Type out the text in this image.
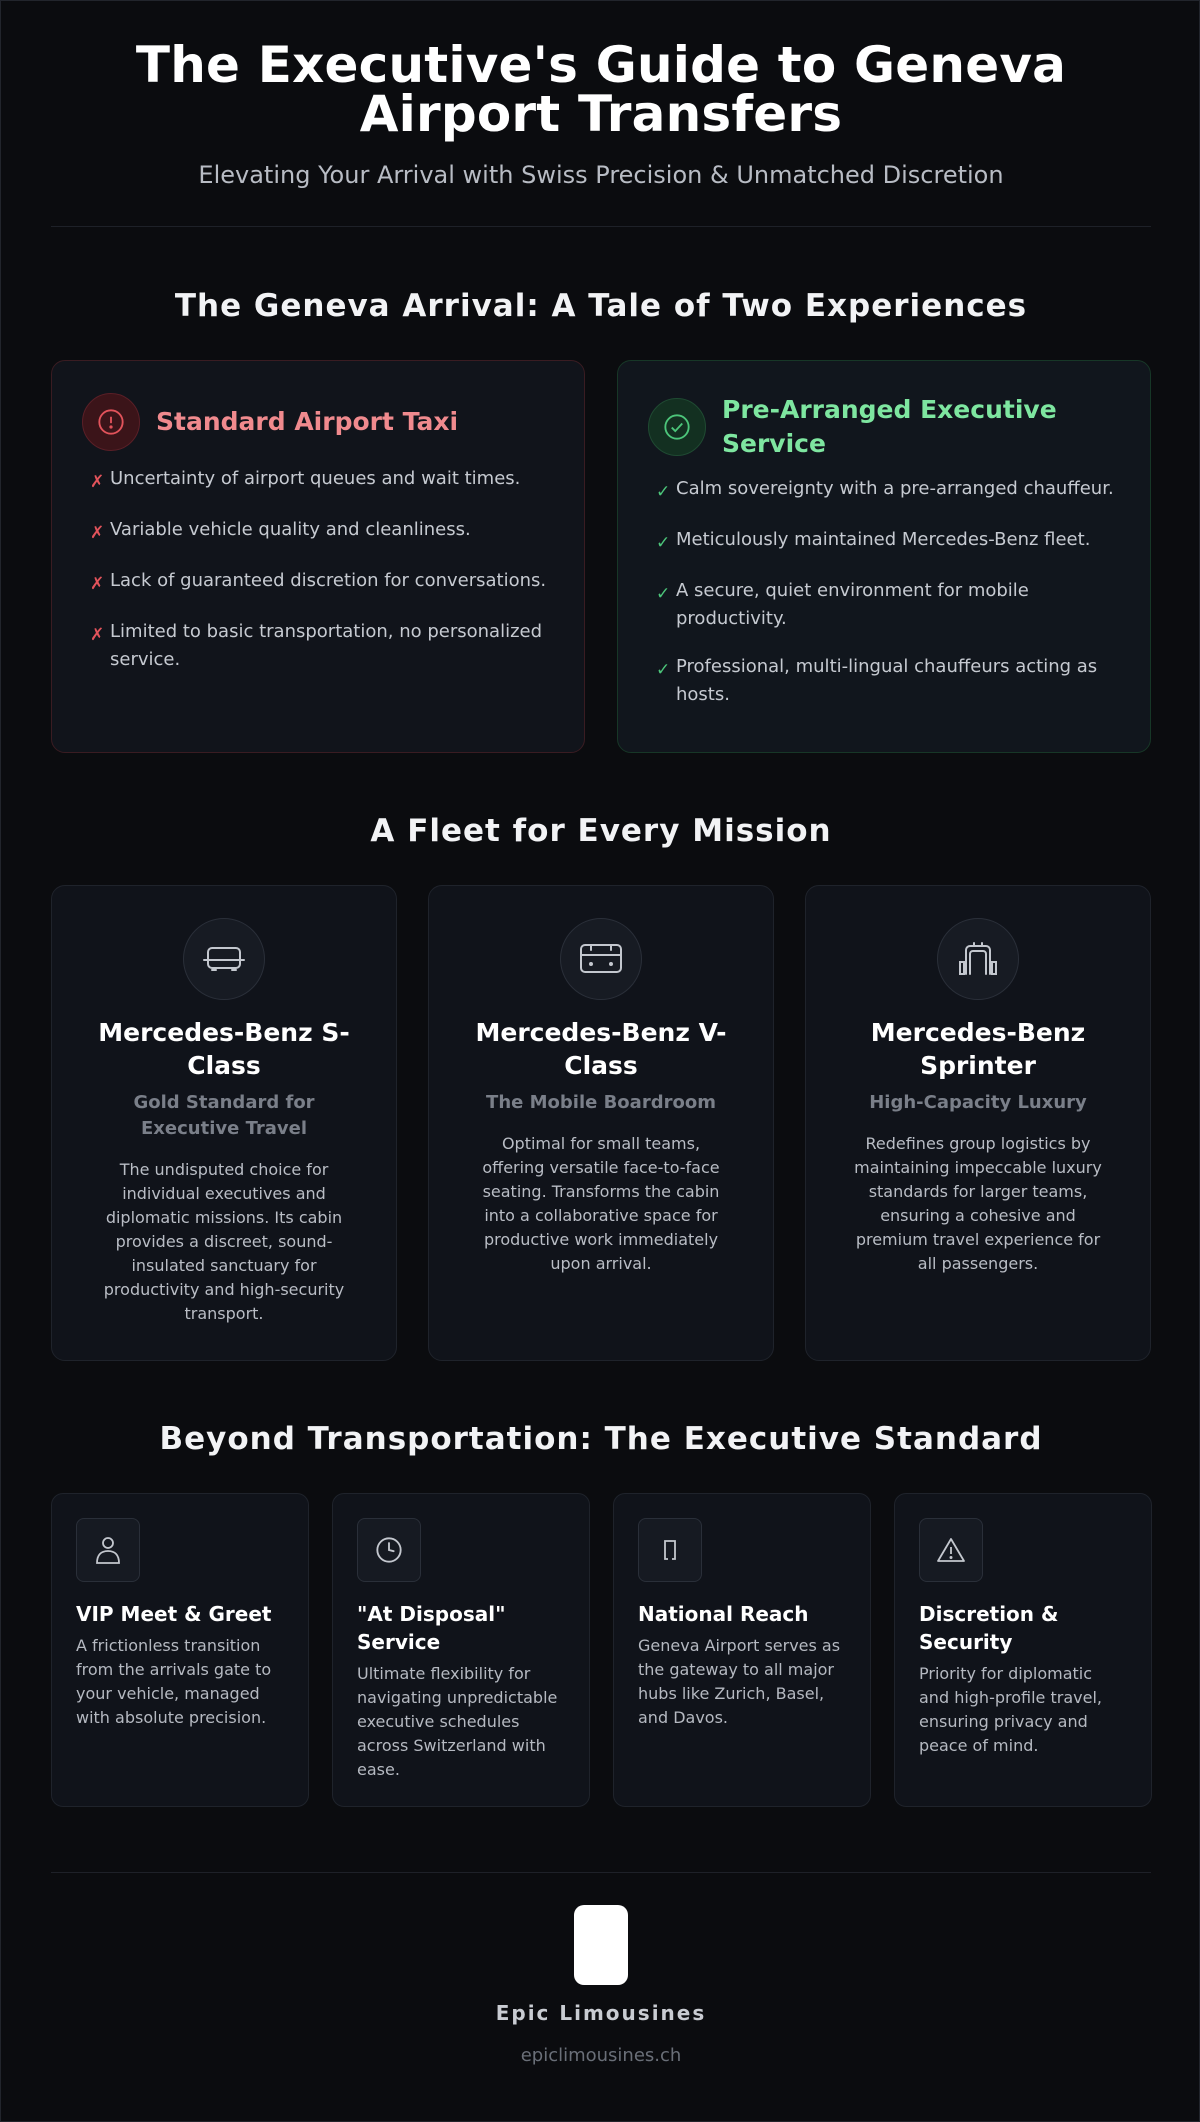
The Executive's Guide to Geneva Airport Transfers

Elevating Your Arrival with Swiss Precision & Unmatched Discretion

The Geneva Arrival: A Tale of Two Experiences
Standard Airport Taxi
✗ Uncertainty of airport queues and wait times.
✗ Variable vehicle quality and cleanliness.
✗ Lack of guaranteed discretion for conversations.
✗ Limited to basic transportation, no personalized service.
Pre-Arranged Executive Service
✓ Calm sovereignty with a pre-arranged chauffeur.
✓ Meticulously maintained Mercedes-Benz fleet.
✓ A secure, quiet environment for mobile productivity.
✓ Professional, multi-lingual chauffeurs acting as hosts.
A Fleet for Every Mission
Mercedes-Benz S-Class
Gold Standard for Executive Travel
The undisputed choice for individual executives and diplomatic missions. Its cabin provides a discreet, sound-insulated sanctuary for productivity and high-security transport.
Mercedes-Benz V-Class
The Mobile Boardroom
Optimal for small teams, offering versatile face-to-face seating. Transforms the cabin into a collaborative space for productive work immediately upon arrival.
Mercedes-Benz Sprinter
High-Capacity Luxury
Redefines group logistics by maintaining impeccable luxury standards for larger teams, ensuring a cohesive and premium travel experience for all passengers.
Beyond Transportation: The Executive Standard
VIP Meet & Greet
A frictionless transition from the arrivals gate to your vehicle, managed with absolute precision.
"At Disposal" Service
Ultimate flexibility for navigating unpredictable executive schedules across Switzerland with ease.
National Reach
Geneva Airport serves as the gateway to all major hubs like Zurich, Basel, and Davos.
Discretion & Security
Priority for diplomatic and high-profile travel, ensuring privacy and peace of mind.
Epic Limousines
epiclimousines.ch
